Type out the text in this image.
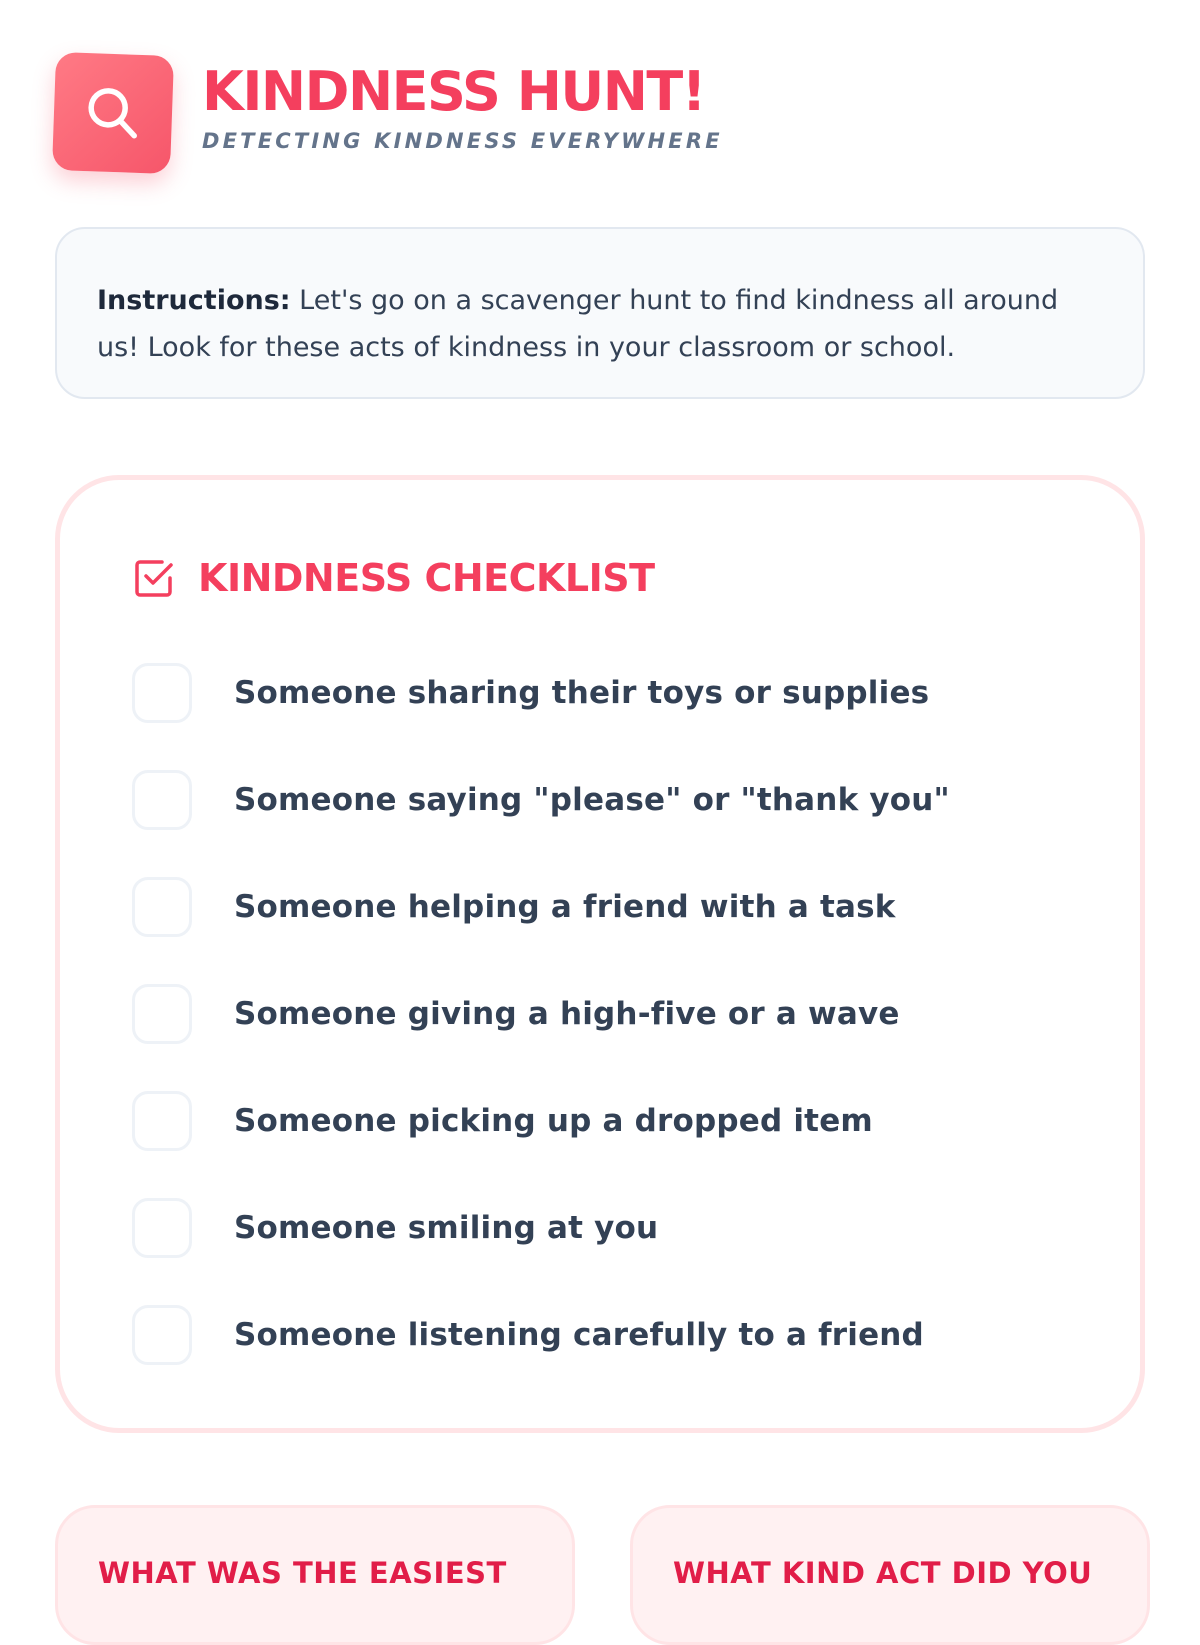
KINDNESS HUNT!
DETECTING KINDNESS EVERYWHERE
Instructions: Let's go on a scavenger hunt to find kindness all around us! Look for these acts of kindness in your classroom or school.
KINDNESS CHECKLIST
Someone sharing their toys or supplies
Someone saying "please" or "thank you"
Someone helping a friend with a task
Someone giving a high-five or a wave
Someone picking up a dropped item
Someone smiling at you
Someone listening carefully to a friend
WHAT WAS THE EASIEST	WHAT KIND ACT DID YOU
